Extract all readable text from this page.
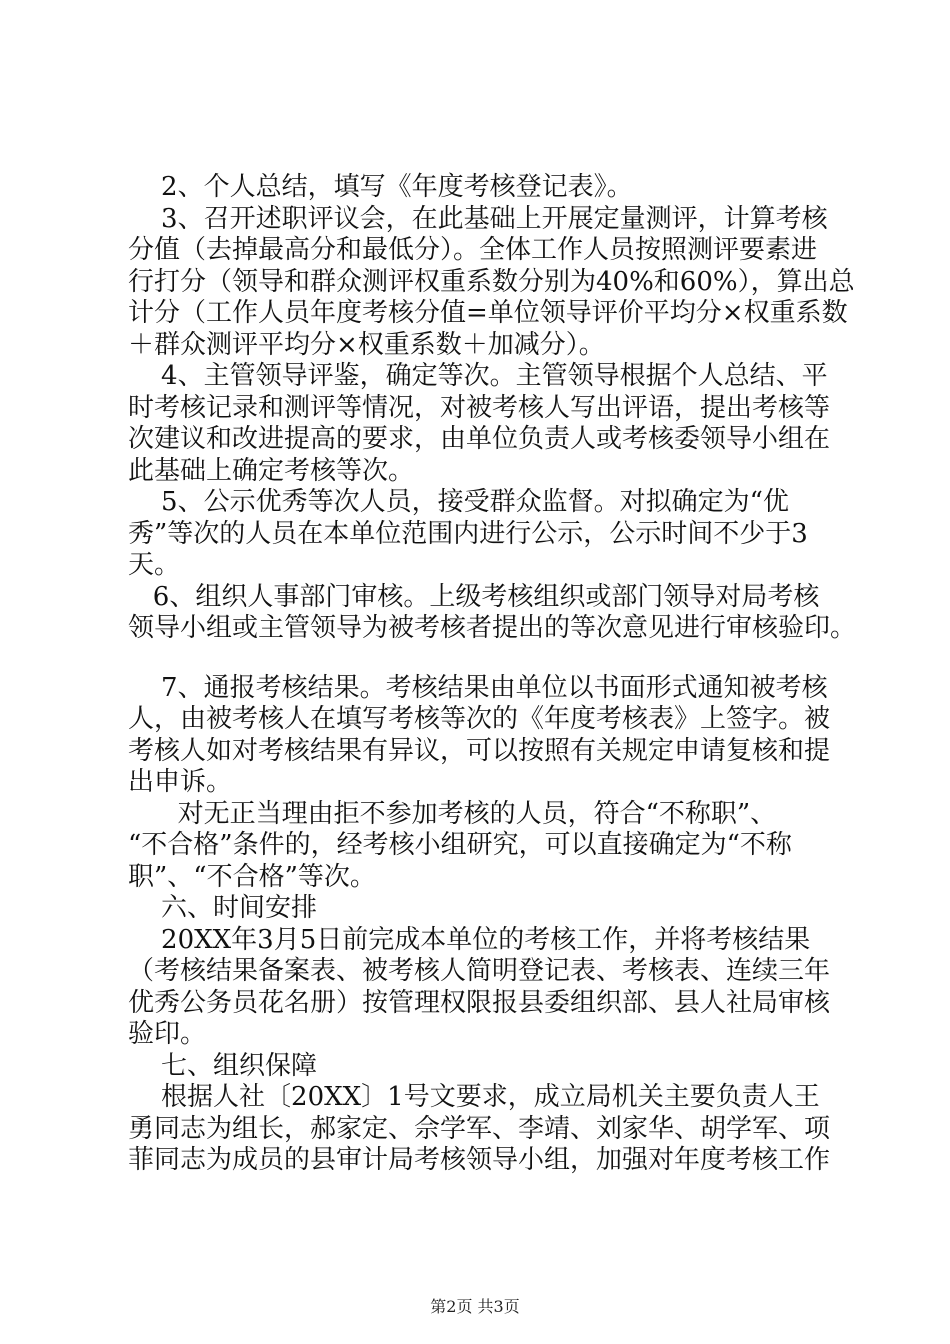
2、个人总结，填写《年度考核登记表》。
3、召开述职评议会，在此基础上开展定量测评，计算考核
分值（去掉最高分和最低分）。全体工作人员按照测评要素进
行打分（领导和群众测评权重系数分别为40%和60%），算出总
计分（工作人员年度考核分值=单位领导评价平均分×权重系数
＋群众测评平均分×权重系数＋加减分）。
4、主管领导评鉴，确定等次。主管领导根据个人总结、平
时考核记录和测评等情况，对被考核人写出评语，提出考核等
次建议和改进提高的要求，由单位负责人或考核委领导小组在
此基础上确定考核等次。
5、公示优秀等次人员，接受群众监督。对拟确定为“优
秀”等次的人员在本单位范围内进行公示，公示时间不少于3
天。
6、组织人事部门审核。上级考核组织或部门领导对局考核
领导小组或主管领导为被考核者提出的等次意见进行审核验印。
7、通报考核结果。考核结果由单位以书面形式通知被考核
人，由被考核人在填写考核等次的《年度考核表》上签字。被
考核人如对考核结果有异议，可以按照有关规定申请复核和提
出申诉。
对无正当理由拒不参加考核的人员，符合“不称职”、
“不合格”条件的，经考核小组研究，可以直接确定为“不称
职”、“不合格”等次。
六、时间安排
20XX年3月5日前完成本单位的考核工作，并将考核结果
（考核结果备案表、被考核人简明登记表、考核表、连续三年
优秀公务员花名册）按管理权限报县委组织部、县人社局审核
验印。
七、组织保障
根据人社〔20XX〕1号文要求，成立局机关主要负责人王
勇同志为组长，郝家定、佘学军、李靖、刘家华、胡学军、项
菲同志为成员的县审计局考核领导小组，加强对年度考核工作
第2页 共3页
